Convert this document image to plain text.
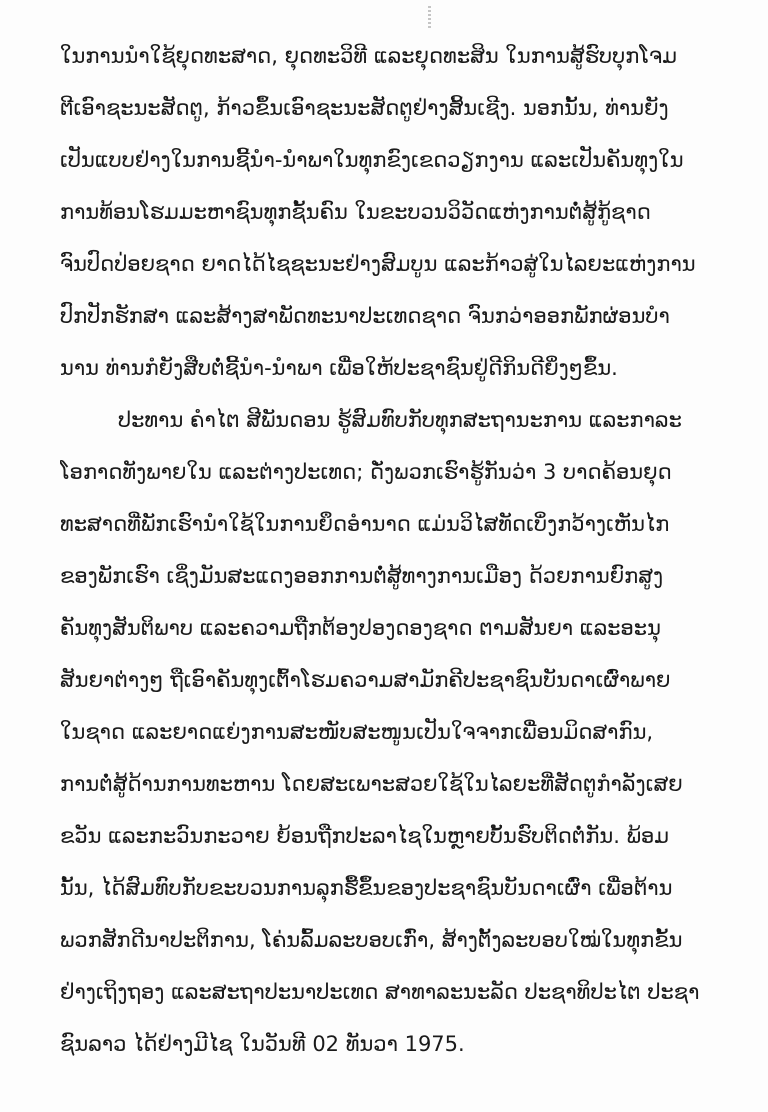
ໃນການນຳໃຊ້ຍຸດທະສາດ, ຍຸດທະວິທີ ແລະຍຸດທະສິນ ໃນການສູ້ຮົບບຸກໂຈມ
ຕີເອົາຊະນະສັດຕູ, ກ້າວຂຶ້ນເອົາຊະນະສັດຕູຢ່າງສິ້ນເຊີງ. ນອກນັ້ນ, ທ່ານຍັງ
ເປັນແບບຢ່າງໃນການຊີ້ນຳ-ນຳພາໃນທຸກຂົງເຂດວຽກງານ ແລະເປັນຄັນທຸງໃນ
ການທ້ອນໂຮມມະຫາຊົນທຸກຊັ້ນຄົນ ໃນຂະບວນວິວັດແຫ່ງການຕໍ່ສູ້ກູ້ຊາດ
ຈົນປົດປ່ອຍຊາດ ຍາດໄດ້ໄຊຊະນະຢ່າງສົມບູນ ແລະກ້າວສູ່ໃນໄລຍະແຫ່ງການ
ປົກປັກຮັກສາ ແລະສ້າງສາພັດທະນາປະເທດຊາດ ຈົນກວ່າອອກພັກຜ່ອນບຳ
ນານ ທ່ານກໍຍັງສືບຕໍ່ຊີ້ນຳ-ນຳພາ ເພື່ອໃຫ້ປະຊາຊົນຢູ່ດີກິນດີຍິ່ງໆຂຶ້ນ.
ປະທານ ຄຳໄຕ ສີພັນດອນ ຮູ້ສົມທົບກັບທຸກສະຖານະການ ແລະກາລະ
ໂອກາດທັງພາຍໃນ ແລະຕ່າງປະເທດ; ດັ່ງພວກເຮົາຮູ້ກັນວ່າ 3 ບາດຄ້ອນຍຸດ
ທະສາດທີ່ພັກເຮົານຳໃຊ້ໃນການຍຶດອຳນາດ ແມ່ນວິໄສທັດເບິ່ງກວ້າງເຫັນໄກ
ຂອງພັກເຮົາ ເຊິ່ງມັນສະແດງອອກການຕໍ່ສູ້ທາງການເມືອງ ດ້ວຍການຍົກສູງ
ຄັນທຸງສັນຕິພາບ ແລະຄວາມຖືກຕ້ອງປອງດອງຊາດ ຕາມສັນຍາ ແລະອະນຸ
ສັນຍາຕ່າງໆ ຖືເອົາຄັນທຸງເຕົ້າໂຮມຄວາມສາມັກຄີປະຊາຊົນບັນດາເຜົ່າພາຍ
ໃນຊາດ ແລະຍາດແຍ່ງການສະໜັບສະໜູນເປັນໃຈຈາກເພື່ອນມິດສາກົນ,
ການຕໍ່ສູ້ດ້ານການທະຫານ ໂດຍສະເພາະສວຍໃຊ້ໃນໄລຍະທີ່ສັດຕູກຳລັງເສຍ
ຂວັນ ແລະກະວົນກະວາຍ ຍ້ອນຖືກປະລາໄຊໃນຫຼາຍບັ້ນຮົບຕິດຕໍ່ກັນ. ພ້ອມ
ນັ້ນ, ໄດ້ສົມທົບກັບຂະບວນການລຸກຮື້ຂຶ້ນຂອງປະຊາຊົນບັນດາເຜົ່າ ເພື່ອຕ້ານ
ພວກສັກດີນາປະຕິການ, ໂຄ່ນລົ້ມລະບອບເກົ່າ, ສ້າງຕັ້ງລະບອບໃໝ່ໃນທຸກຂັ້ນ
ຢ່າງເຖິງຖອງ ແລະສະຖາປະນາປະເທດ ສາທາລະນະລັດ ປະຊາທິປະໄຕ ປະຊາ
ຊົນລາວ ໄດ້ຢ່າງມີໄຊ ໃນວັນທີ 02 ທັນວາ 1975.
